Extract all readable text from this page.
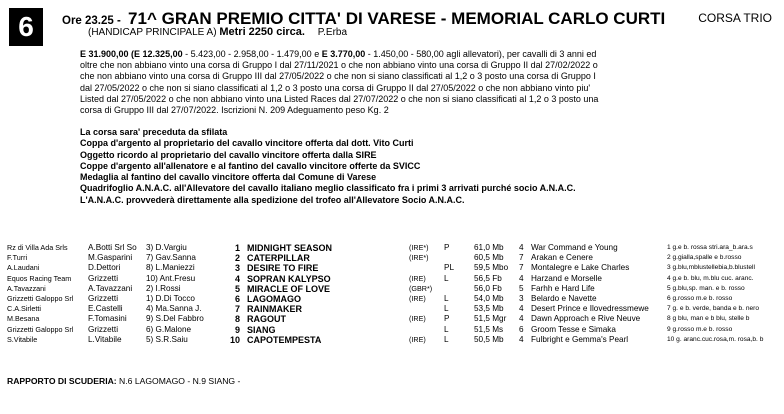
6	Ore 23.25 - 71^ GRAN PREMIO CITTA' DI VARESE - MEMORIAL CARLO CURTI	CORSA TRIO
(HANDICAP PRINCIPALE A) Metri 2250 circa. P.Erba
E 31.900,00 (E 12.325,00 - 5.423,00 - 2.958,00 - 1.479,00 e E 3.770,00 - 1.450,00 - 580,00 agli allevatori), per cavalli di 3 anni ed
oltre che non abbiano vinto una corsa di Gruppo I dal 27/11/2021 o che non abbiano vinto una corsa di Gruppo II dal 27/02/2022 o
che non abbiano vinto una corsa di Gruppo III dal 27/05/2022 o che non si siano classificati al 1,2 o 3 posto una corsa di Gruppo I
dal 27/05/2022 o che non si siano classificati al 1,2 o 3 posto una corsa di Gruppo II dal 27/05/2022 o che non abbiano vinto piu'
Listed dal 27/05/2022 o che non abbiano vinto una Listed Races dal 27/07/2022 o che non si siano classificati al 1,2 o 3 posto una
corsa di Gruppo III dal 27/07/2022. Iscrizioni N. 209 Adeguamento peso Kg. 2
La corsa sara' preceduta da sfilata
Coppa d'argento al proprietario del cavallo vincitore offerta dal dott. Vito Curti
Oggetto ricordo al proprietario del cavallo vincitore offerta dalla SIRE
Coppe d'argento all'allenatore e al fantino del cavallo vincitore offerte da SVICC
Medaglia al fantino del cavallo vincitore offerta dal Comune di Varese
Quadrifoglio A.N.A.C. all'Allevatore del cavallo italiano meglio classificato fra i primi 3 arrivati purché socio A.N.A.C.
L'A.N.A.C. provvederà direttamente alla spedizione del trofeo all'Allevatore Socio A.N.A.C.
Rz di Villa Ada Srls	A.Botti Srl So	3) D.Vargiu	1 MIDNIGHT SEASON	(IRE*)	P	61,0 Mb	4 War Command e Young	1 g.e b. rossa stri.ara_b.ara.s
F.Turri	M.Gasparini	7) Gav.Sanna	2 CATERPILLAR	(IRE*)	60,5 Mb	7 Arakan e Cenere	2 g.gialla,spalle e b.rosso
A.Laudani	D.Dettori	8) L.Maniezzi	3 DESIRE TO FIRE	PL	59,5 Mbo	7 Montalegre e Lake Charles	3 g.blu,mblustellebia,b.blustell
Equos Racing Team	Grizzetti	10) Ant.Fresu	4 SOPRAN KALYPSO	(IRE)	L	56,5 Fb	4 Harzand e Morselle	4 g.e b. blu, m.blu cuc. aranc.
A.Tavazzani	A.Tavazzani	2) I.Rossi	5 MIRACLE OF LOVE	(GBR*)	56,0 Fb	5 Farhh e Hard Life	5 g.blu,sp. man. e b. rosso
Grizzetti Galoppo Srl	Grizzetti	1) D.Di Tocco	6 LAGOMAGO	(IRE)	L	54,0 Mb	3 Belardo e Navette	6 g.rosso m.e b. rosso
C.A.Sirletti	E.Castelli	4) Ma.Sanna J.	7 RAINMAKER	L	53,5 Mb	4 Desert Prince e Ilovedressmewe	7 g. e b. verde, banda e b. nero
M.Besana	F.Tomasini	9) S.Del Fabbro	8 RAGOUT	(IRE)	P	51,5 Mgr	4 Dawn Approach e Rive Neuve	8 g blu, man e b blu, stelle b
Grizzetti Galoppo Srl	Grizzetti	6) G.Malone	9 SIANG	L	51,5 Ms	6 Groom Tesse e Simaka	9 g.rosso m.e b. rosso
S.Vitabile	L.Vitabile	5) S.R.Saiu	10 CAPOTEMPESTA	(IRE)	L	50,5 Mb	4 Fulbright e Gemma's Pearl	10 g. aranc.cuc.rosa,m. rosa,b. b
RAPPORTO DI SCUDERIA: N.6 LAGOMAGO - N.9 SIANG -
